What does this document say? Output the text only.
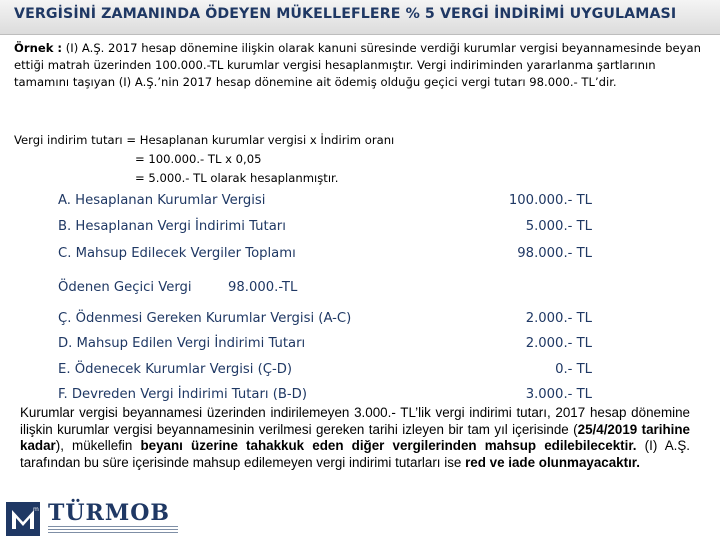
VERGİSİNİ ZAMANINDA ÖDEYEN MÜKELLEFLERE % 5 VERGİ İNDİRİMİ UYGULAMASI

Örnek : (I) A.Ş. 2017 hesap dönemine ilişkin olarak kanuni süresinde verdiği kurumlar vergisi beyannamesinde beyan ettiği matrah üzerinden 100.000.-TL kurumlar vergisi hesaplanmıştır. Vergi indiriminden yararlanma şartlarının tamamını taşıyan (I) A.Ş.’nin 2017 hesap dönemine ait ödemiş olduğu geçici vergi tutarı 98.000.- TL’dir.

Vergi indirim tutarı = Hesaplanan kurumlar vergisi x İndirim oranı
= 100.000.- TL x 0,05
= 5.000.- TL olarak hesaplanmıştır.
A. Hesaplanan Kurumlar Vergisi	100.000.- TL
B. Hesaplanan Vergi İndirimi Tutarı	5.000.- TL
C. Mahsup Edilecek Vergiler Toplamı	98.000.- TL
Ödenen Geçici Vergi	98.000.-TL
Ç. Ödenmesi Gereken Kurumlar Vergisi (A-C)	2.000.- TL
D. Mahsup Edilen Vergi İndirimi Tutarı	2.000.- TL
E. Ödenecek Kurumlar Vergisi (Ç-D)	0.- TL
F. Devreden Vergi İndirimi Tutarı (B-D)	3.000.- TL

Kurumlar vergisi beyannamesi üzerinden indirilemeyen 3.000.- TL’lik vergi indirimi tutarı, 2017 hesap dönemine ilişkin kurumlar vergisi beyannamesinin verilmesi gereken tarihi izleyen bir tam yıl içerisinde (25/4/2019 tarihine kadar), mükellefin beyanı üzerine tahakkuk eden diğer vergilerinden mahsup edilebilecektir. (I) A.Ş. tarafından bu süre içerisinde mahsup edilemeyen vergi indirimi tutarları ise red ve iade olunmayacaktır.

m TÜRMOB
